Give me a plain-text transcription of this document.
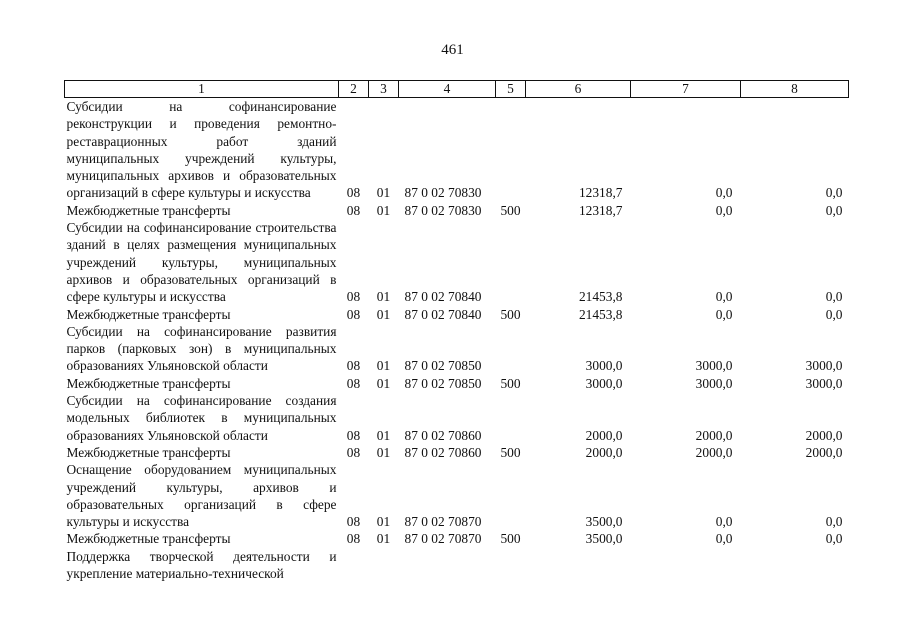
461
1	2	3	4	5	6	7	8
Субсидии на софинансирование реконструкции и проведения ремонтно-реставрационных работ зданий муниципальных учреждений культуры, муниципальных архивов и образовательных организаций в сфере культуры и искусства	08	01	87 0 02 70830		12318,7	0,0	0,0
Межбюджетные трансферты	08	01	87 0 02 70830	500	12318,7	0,0	0,0
Субсидии на софинансирование строительства зданий в целях размещения муниципальных учреждений культуры, муниципальных архивов и образовательных организаций в сфере культуры и искусства	08	01	87 0 02 70840		21453,8	0,0	0,0
Межбюджетные трансферты	08	01	87 0 02 70840	500	21453,8	0,0	0,0
Субсидии на софинансирование развития парков (парковых зон) в муниципальных образованиях Ульяновской области	08	01	87 0 02 70850		3000,0	3000,0	3000,0
Межбюджетные трансферты	08	01	87 0 02 70850	500	3000,0	3000,0	3000,0
Субсидии на софинансирование создания модельных библиотек в муниципальных образованиях Ульяновской области	08	01	87 0 02 70860		2000,0	2000,0	2000,0
Межбюджетные трансферты	08	01	87 0 02 70860	500	2000,0	2000,0	2000,0
Оснащение оборудованием муниципальных учреждений культуры, архивов и образовательных организаций в сфере культуры и искусства	08	01	87 0 02 70870		3500,0	0,0	0,0
Межбюджетные трансферты	08	01	87 0 02 70870	500	3500,0	0,0	0,0
Поддержка творческой деятельности и укрепление материально-технической							
